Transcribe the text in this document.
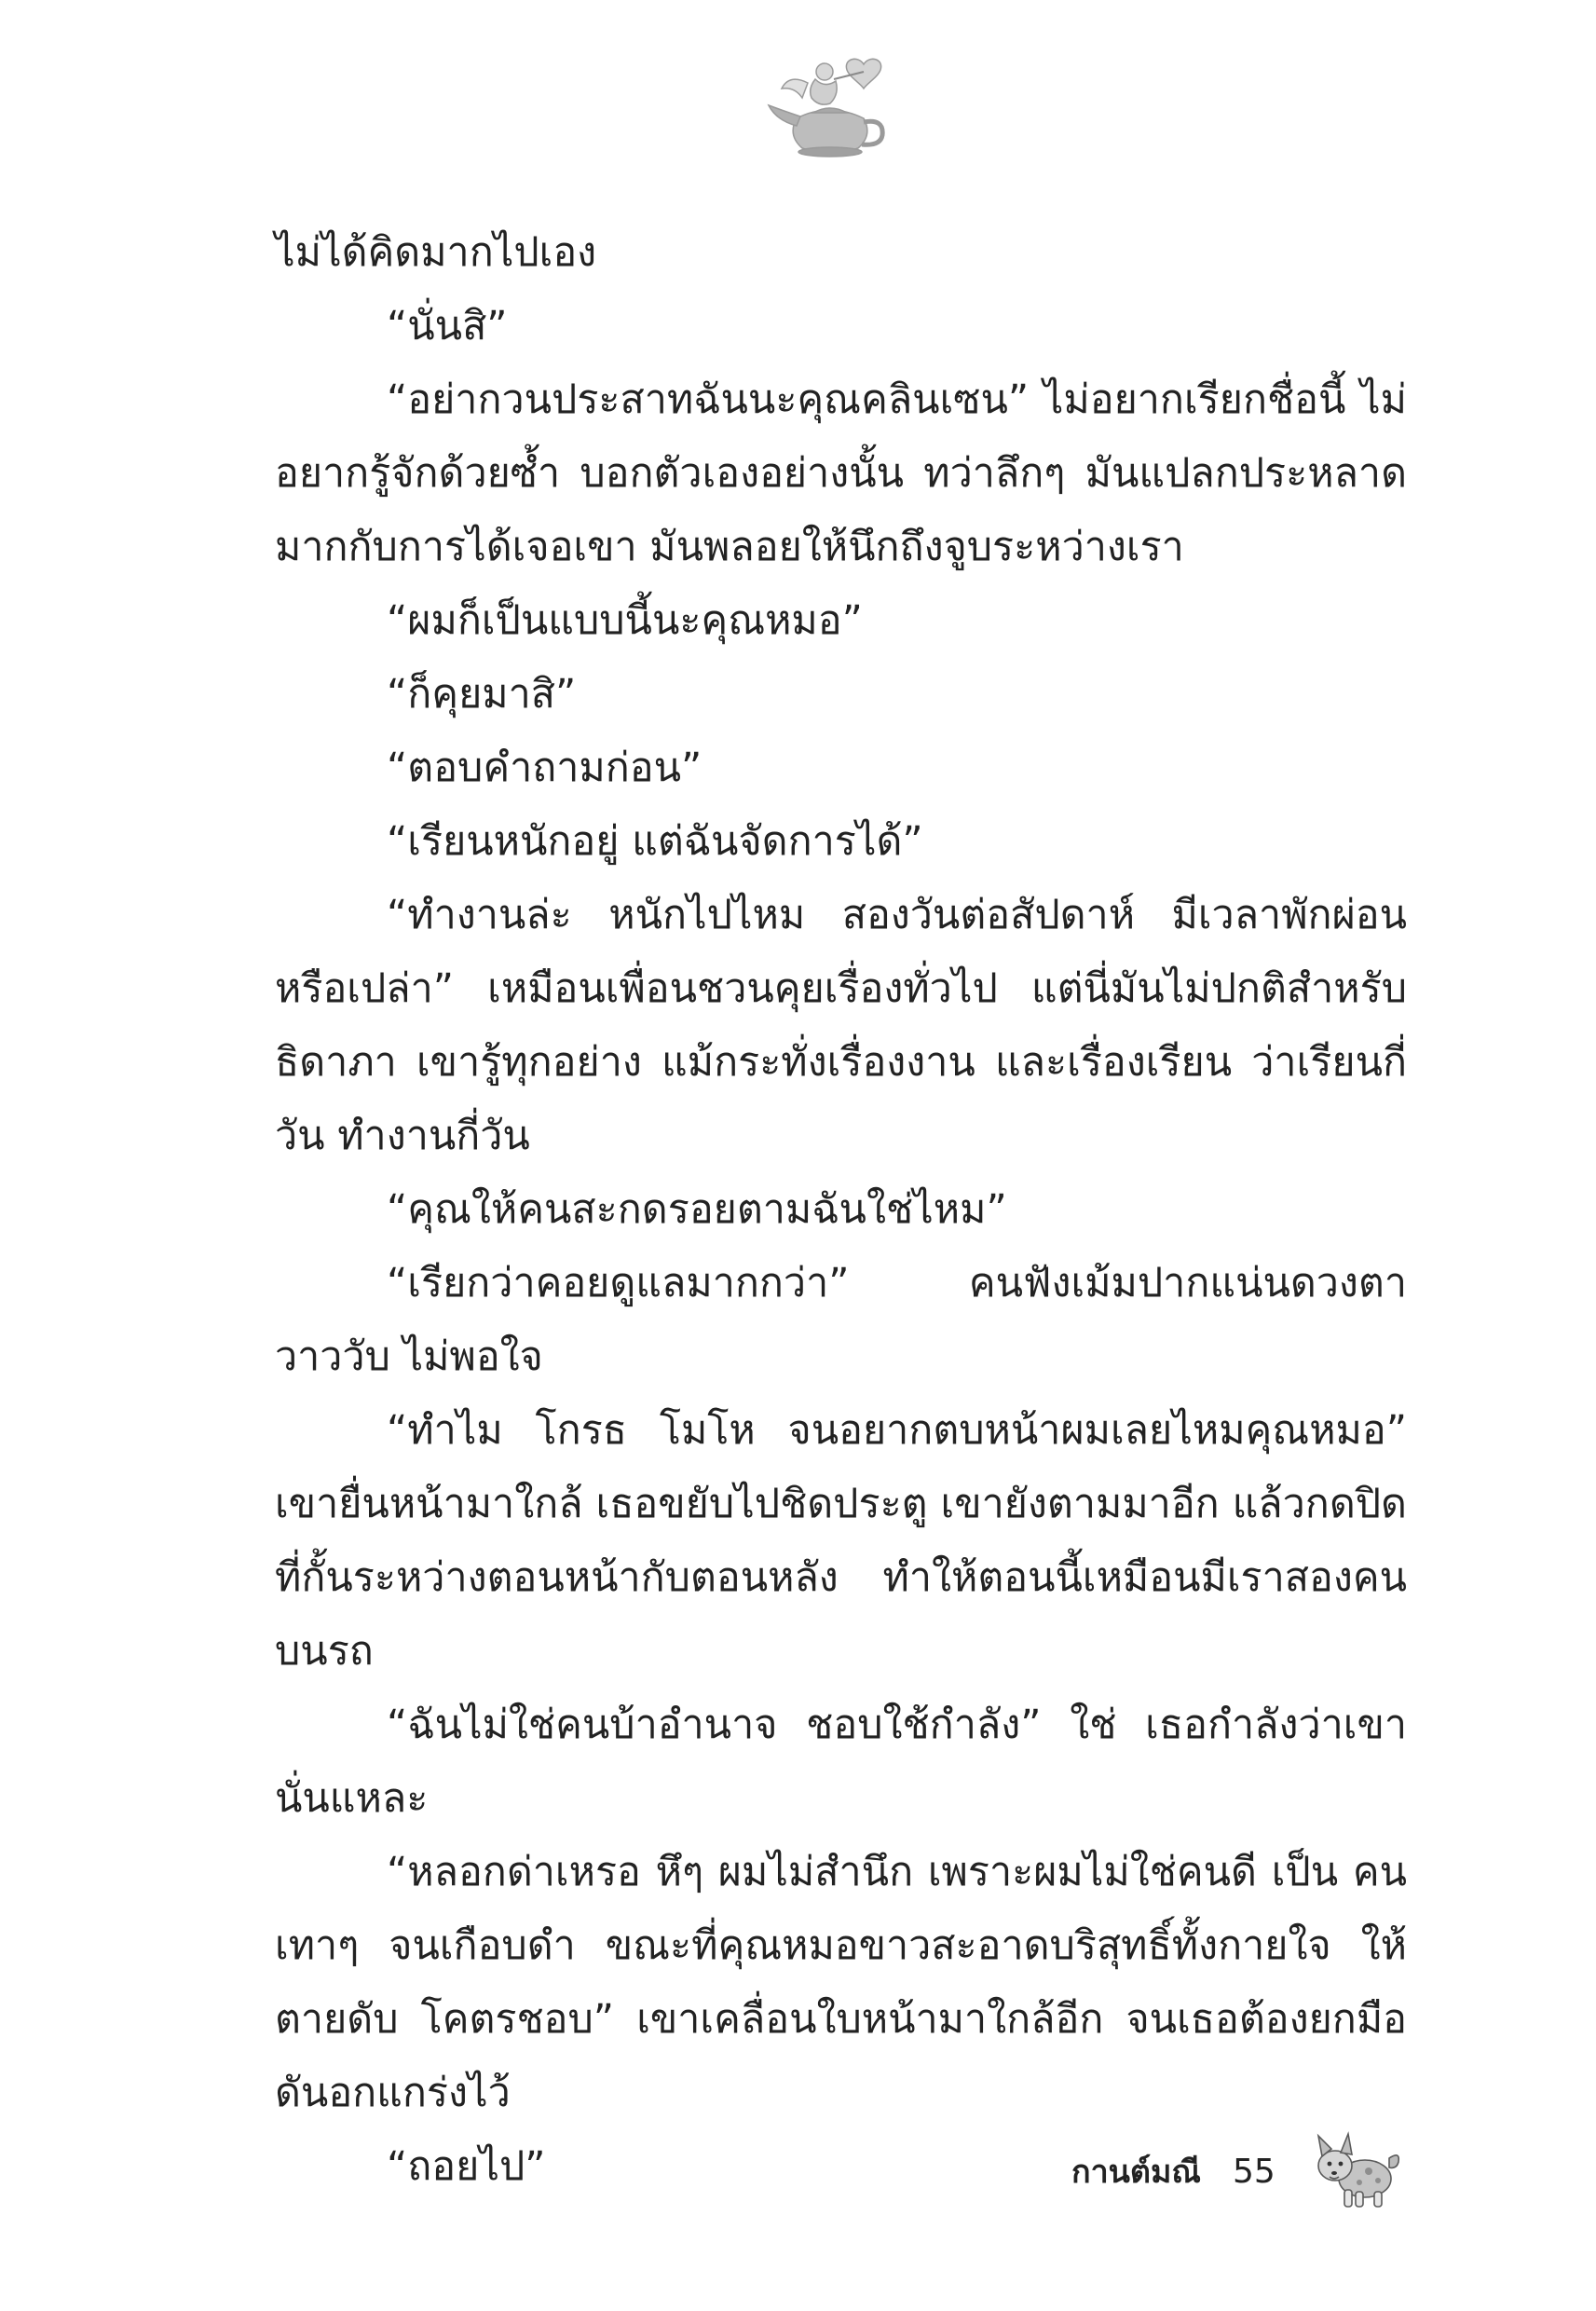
ไม่ได้คิดมากไปเอง

“นั่นสิ”

“อย่ากวนประสาทฉันนะคุณคลินเซน” ไม่อยากเรียกชื่อนี้ ไม่อยากรู้จักด้วยซ้ำ บอกตัวเองอย่างนั้น ทว่าลึกๆ มันแปลกประหลาด มากกับการได้เจอเขา มันพลอยให้นึกถึงจูบระหว่างเรา

“ผมก็เป็นแบบนี้นะคุณหมอ”

“ก็คุยมาสิ”

“ตอบคำถามก่อน”

“เรียนหนักอยู่ แต่ฉันจัดการได้”

“ทำงานล่ะ หนักไปไหม สองวันต่อสัปดาห์ มีเวลาพักผ่อน หรือเปล่า” เหมือนเพื่อนชวนคุยเรื่องทั่วไป แต่นี่มันไม่ปกติสำหรับ ธิดาภา เขารู้ทุกอย่าง แม้กระทั่งเรื่องงาน และเรื่องเรียน ว่าเรียนกี่วัน ทำงานกี่วัน

“คุณให้คนสะกดรอยตามฉันใช่ไหม”

“เรียกว่าคอยดูแลมากกว่า” คนฟังเม้มปากแน่นดวงตาวาววับ ไม่พอใจ

“ทำไม โกรธ โมโห จนอยากตบหน้าผมเลยไหมคุณหมอ” เขายื่นหน้ามาใกล้ เธอขยับไปชิดประตู เขายังตามมาอีก แล้วกดปิด ที่กั้นระหว่างตอนหน้ากับตอนหลัง ทำให้ตอนนี้เหมือนมีเราสองคน บนรถ

“ฉันไม่ใช่คนบ้าอำนาจ ชอบใช้กำลัง” ใช่ เธอกำลังว่าเขานั่นแหละ

“หลอกด่าเหรอ หึๆ ผมไม่สำนึก เพราะผมไม่ใช่คนดี เป็น คนเทาๆ จนเกือบดำ ขณะที่คุณหมอขาวสะอาดบริสุทธิ์ทั้งกายใจ ให้ตายดับ โคตรชอบ” เขาเคลื่อนใบหน้ามาใกล้อีก จนเธอต้องยกมือ ดันอกแกร่งไว้

“ถอยไป”	กานต์มณี 55
